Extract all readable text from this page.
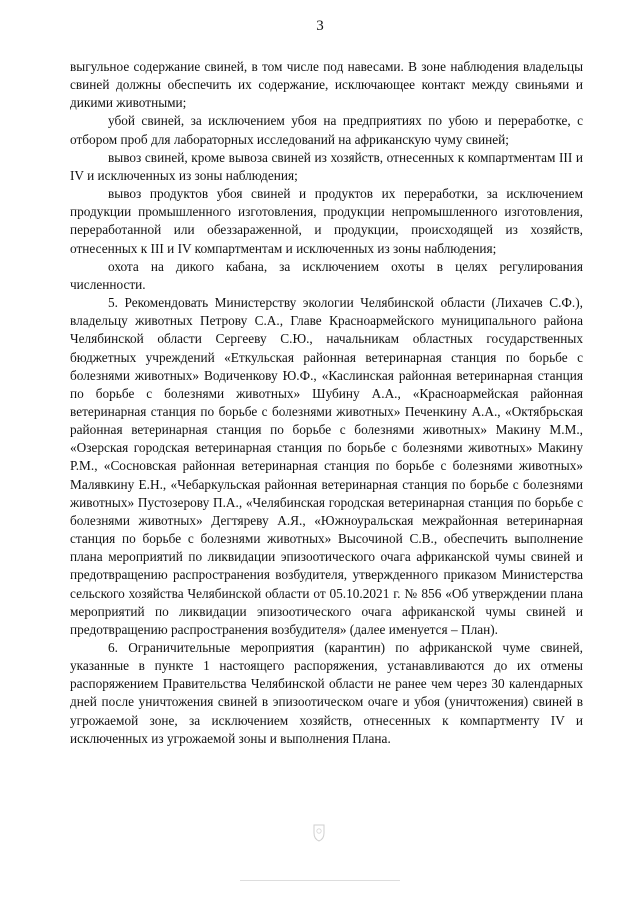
3

выгульное содержание свиней, в том числе под навесами. В зоне наблюдения владельцы свиней должны обеспечить их содержание, исключающее контакт между свиньями и дикими животными;

убой свиней, за исключением убоя на предприятиях по убою и переработке, с отбором проб для лабораторных исследований на африканскую чуму свиней;

вывоз свиней, кроме вывоза свиней из хозяйств, отнесенных к компартментам III и IV и исключенных из зоны наблюдения;

вывоз продуктов убоя свиней и продуктов их переработки, за исключением продукции промышленного изготовления, продукции непромышленного изготовления, переработанной или обеззараженной, и продукции, происходящей из хозяйств, отнесенных к III и IV компартментам и исключенных из зоны наблюдения;

охота на дикого кабана, за исключением охоты в целях регулирования численности.

5. Рекомендовать Министерству экологии Челябинской области (Лихачев С.Ф.), владельцу животных Петрову С.А., Главе Красноармейского муниципального района Челябинской области Сергееву С.Ю., начальникам областных государственных бюджетных учреждений «Еткульская районная ветеринарная станция по борьбе с болезнями животных» Водиченкову Ю.Ф., «Каслинская районная ветеринарная станция по борьбе с болезнями животных» Шубину А.А., «Красноармейская районная ветеринарная станция по борьбе с болезнями животных» Печенкину А.А., «Октябрьская районная ветеринарная станция по борьбе с болезнями животных» Макину М.М., «Озерская городская ветеринарная станция по борьбе с болезнями животных» Макину Р.М., «Сосновская районная ветеринарная станция по борьбе с болезнями животных» Малявкину Е.Н., «Чебаркульская районная ветеринарная станция по борьбе с болезнями животных» Пустозерову П.А., «Челябинская городская ветеринарная станция по борьбе с болезнями животных» Дегтяреву А.Я., «Южноуральская межрайонная ветеринарная станция по борьбе с болезнями животных» Высочиной С.В., обеспечить выполнение плана мероприятий по ликвидации эпизоотического очага африканской чумы свиней и предотвращению распространения возбудителя, утвержденного приказом Министерства сельского хозяйства Челябинской области от 05.10.2021 г. № 856 «Об утверждении плана мероприятий по ликвидации эпизоотического очага африканской чумы свиней и предотвращению распространения возбудителя» (далее именуется – План).

6. Ограничительные мероприятия (карантин) по африканской чуме свиней, указанные в пункте 1 настоящего распоряжения, устанавливаются до их отмены распоряжением Правительства Челябинской области не ранее чем через 30 календарных дней после уничтожения свиней в эпизоотическом очаге и убоя (уничтожения) свиней в угрожаемой зоне, за исключением хозяйств, отнесенных к компартменту IV и исключенных из угрожаемой зоны и выполнения Плана.
